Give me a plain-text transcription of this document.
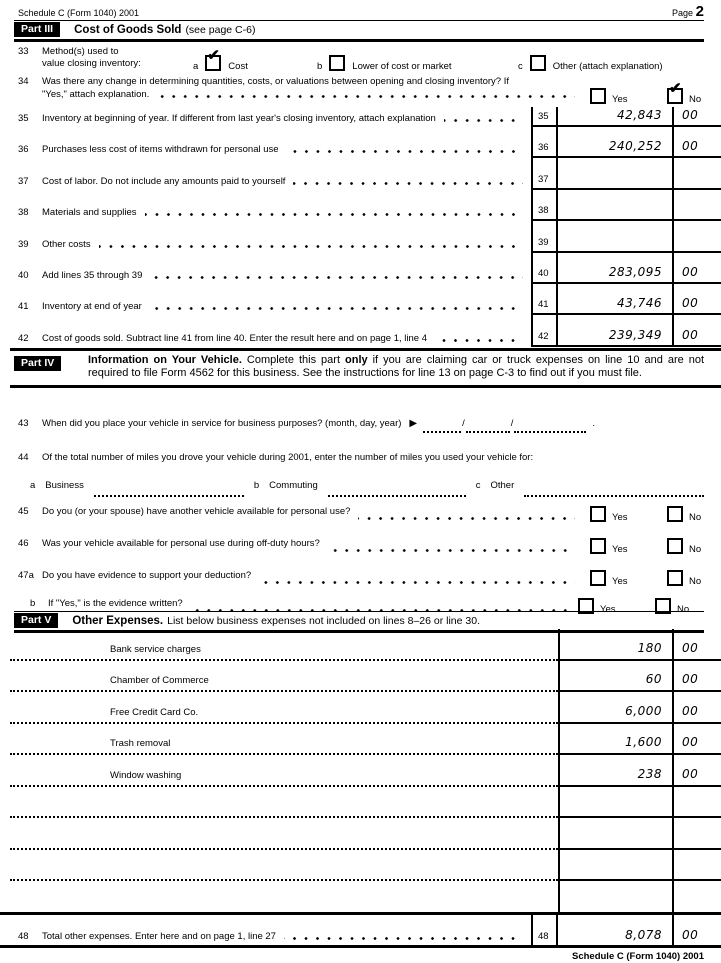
Schedule C (Form 1040) 2001	Page 2
Part III	Cost of Goods Sold (see page C-6)
33 Method(s) used to
value closing inventory:	a
✔
Cost	b	Lower of cost or market	c	Other (attach explanation)
34 Was there any change in determining quantities, costs, or valuations between opening and closing inventory? If
"Yes," attach explanation.	Yes
✔
No
35	Inventory at beginning of year. If different from last year's closing inventory, attach explanation	35	42,843 00
36	Purchases less cost of items withdrawn for personal use	36	240,252 00
37	Cost of labor. Do not include any amounts paid to yourself	37
38	Materials and supplies	38
39	Other costs	39
40	Add lines 35 through 39	40	283,095 00
41	Inventory at end of year	41	43,746 00
42	Cost of goods sold. Subtract line 41 from line 40. Enter the result here and on page 1, line 4	42	239,349 00
Part IV	Information on Your Vehicle. Complete this part only if you are claiming car or truck expenses on line 10 and are not required to file Form 4562 for this business. See the instructions for line 13 on page C-3 to find out if you must file.
43	When did you place your vehicle in service for business purposes? (month, day, year) ▶	/	/	.
44	Of the total number of miles you drove your vehicle during 2001, enter the number of miles you used your vehicle for:
a Business	b Commuting	c Other
45	Do you (or your spouse) have another vehicle available for personal use?
Yes	No
46	Was your vehicle available for personal use during off-duty hours?
Yes	No
47a Do you have evidence to support your deduction?
Yes	No
b	If "Yes," is the evidence written?
Yes	No
Part V	Other Expenses. List below business expenses not included on lines 8–26 or line 30.
Bank service charges	180 00
Chamber of Commerce	60 00
Free Credit Card Co.	6,000 00
Trash removal	1,600 00
Window washing	238 00
48	Total other expenses. Enter here and on page 1, line 27	48	8,078 00
Schedule C (Form 1040) 2001
